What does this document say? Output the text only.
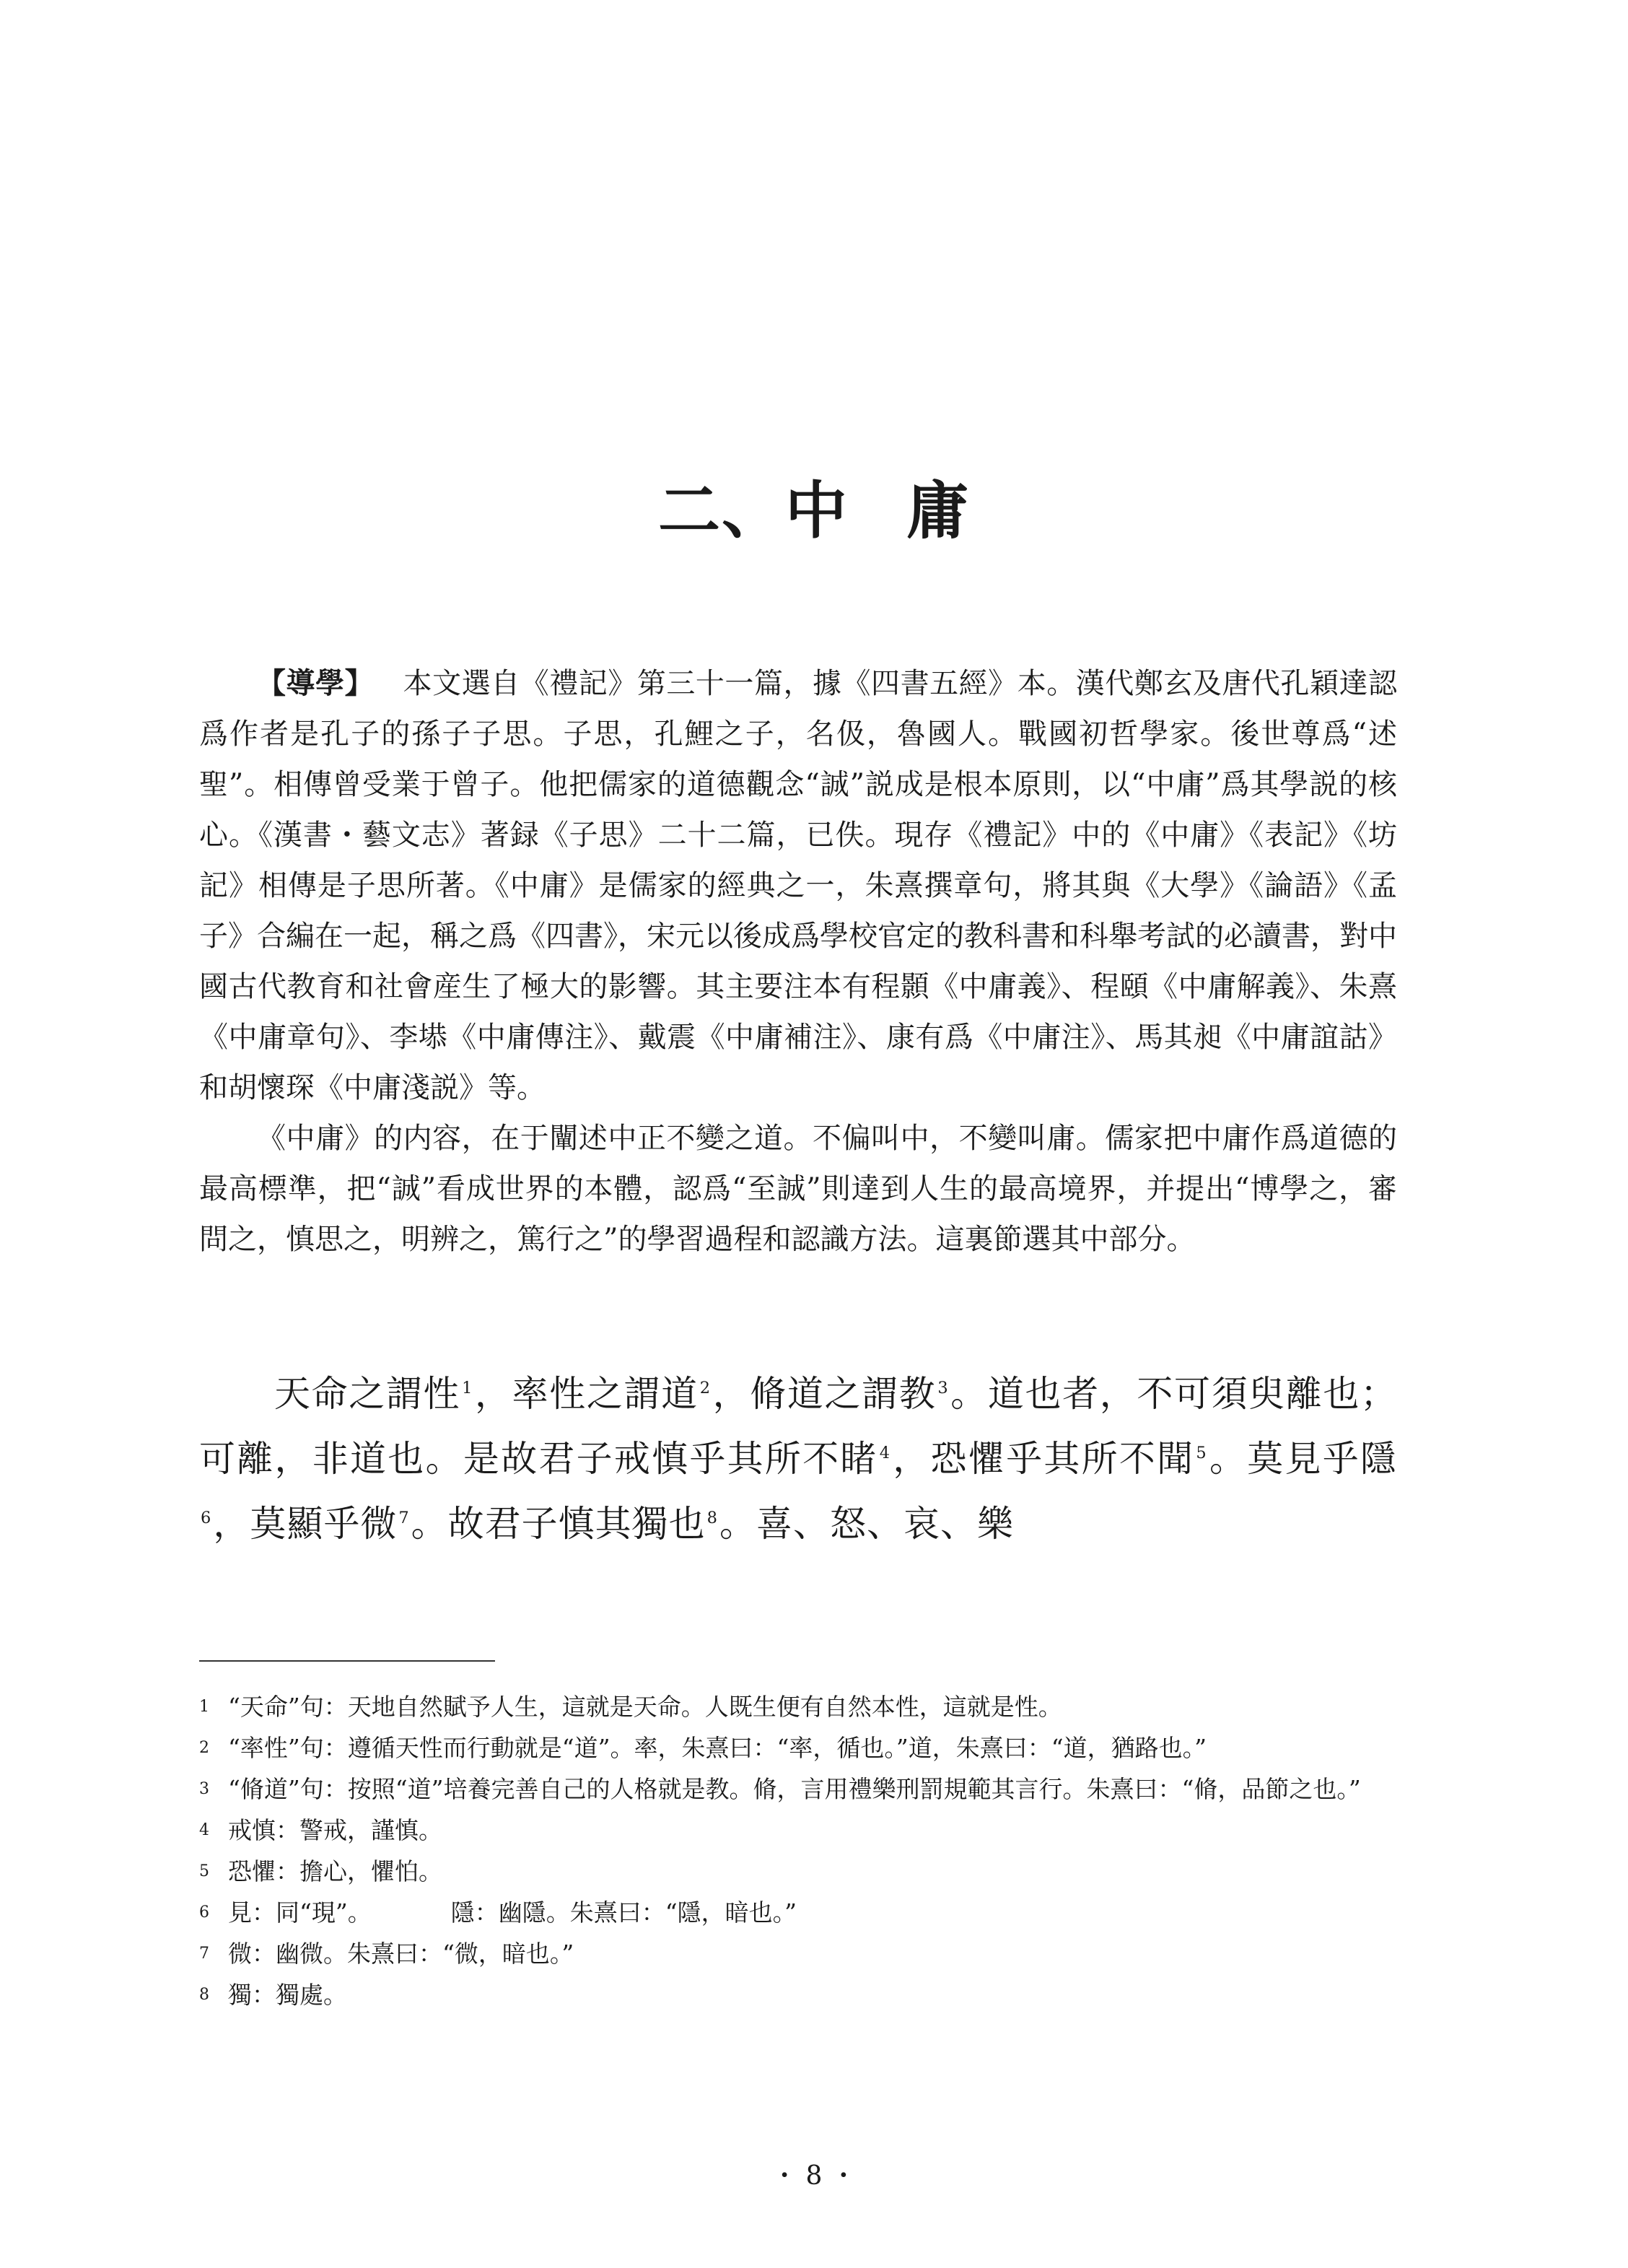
二、中 庸

【導學】  本文選自《禮記》第三十一篇，據《四書五經》本。漢代鄭玄及唐代孔穎達認爲作者是孔子的孫子子思。子思，孔鯉之子，名伋，魯國人。戰國初哲學家。後世尊爲“述聖”。相傳曾受業于曾子。他把儒家的道德觀念“誠”説成是根本原則，以“中庸”爲其學説的核心。《漢書・藝文志》著録《子思》二十二篇，已佚。現存《禮記》中的《中庸》《表記》《坊記》相傳是子思所著。《中庸》是儒家的經典之一，朱熹撰章句，將其與《大學》《論語》《孟子》合編在一起，稱之爲《四書》，宋元以後成爲學校官定的教科書和科舉考試的必讀書，對中國古代教育和社會産生了極大的影響。其主要注本有程顥《中庸義》、程頤《中庸解義》、朱熹《中庸章句》、李塨《中庸傳注》、戴震《中庸補注》、康有爲《中庸注》、馬其昶《中庸誼詁》和胡懷琛《中庸淺説》等。

《中庸》的内容，在于闡述中正不變之道。不偏叫中，不變叫庸。儒家把中庸作爲道德的最高標準，把“誠”看成世界的本體，認爲“至誠”則達到人生的最高境界，并提出“博學之，審問之，慎思之，明辨之，篤行之”的學習過程和認識方法。這裏節選其中部分。

天命之謂性$^1$，率性之謂道$^2$，脩道之謂教$^3$。道也者，不可須臾離也；可離，非道也。是故君子戒慎乎其所不睹$^4$，恐懼乎其所不聞$^5$。莫見乎隱$^6$，莫顯乎微$^7$。故君子慎其獨也$^8$。喜、怒、哀、樂

1 “天命”句：天地自然賦予人生，這就是天命。人既生便有自然本性，這就是性。
2 “率性”句：遵循天性而行動就是“道”。率，朱熹曰：“率，循也。”道，朱熹曰：“道，猶路也。”
3 “脩道”句：按照“道”培養完善自己的人格就是教。脩，言用禮樂刑罰規範其言行。朱熹曰：“脩，品節之也。”
4 戒慎：警戒，謹慎。
5 恐懼：擔心，懼怕。
6 見：同“現”。	隱：幽隱。朱熹曰：“隱，暗也。”
7 微：幽微。朱熹曰：“微，暗也。”
8 獨：獨處。
・ 8 ・
